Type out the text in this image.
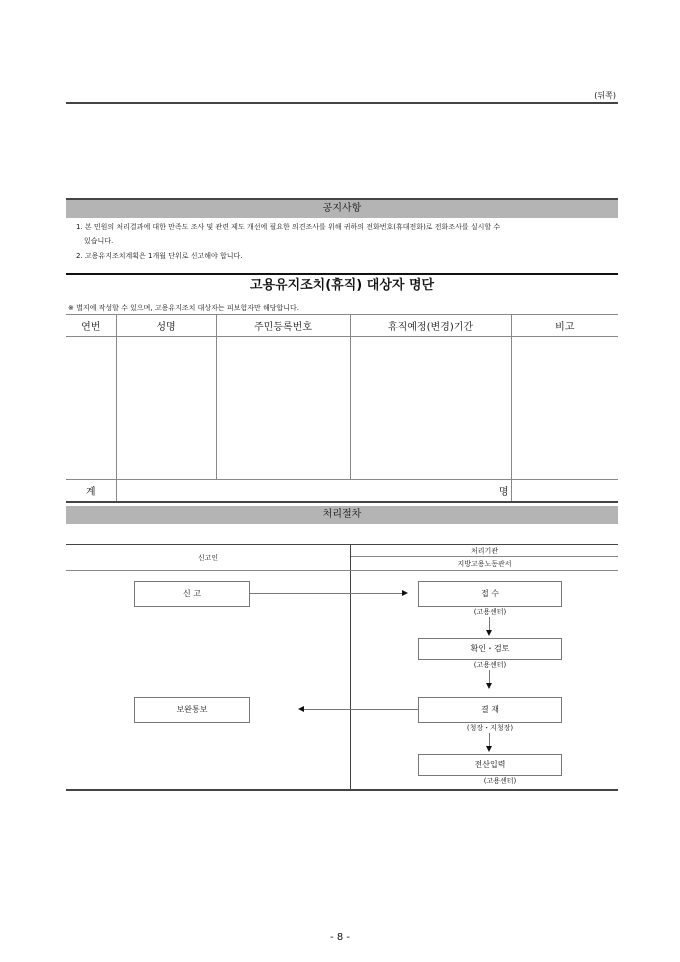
(뒤쪽)
공지사항
1. 본 민원의 처리결과에 대한 만족도 조사 및 관련 제도 개선에 필요한 의견조사를 위해 귀하의 전화번호(휴대전화)로 전화조사를 실시할 수
있습니다.
2. 고용유지조치계획은 1개월 단위로 신고해야 합니다.
고용유지조치(휴직) 대상자 명단
※ 별지에 작성할 수 있으며, 고용유지조치 대상자는 피보험자만 해당합니다.
연번	성명	주민등록번호	휴직예정(변경)기간	비고

계	명			
처리절차
신고인
처리기관
지방고용노동관서
신 고	접 수
(고용센터)
확인・검토
(고용센터)
보완통보	결 재
(청장・지청장)
전산입력
(고용센터)
- 8 -
